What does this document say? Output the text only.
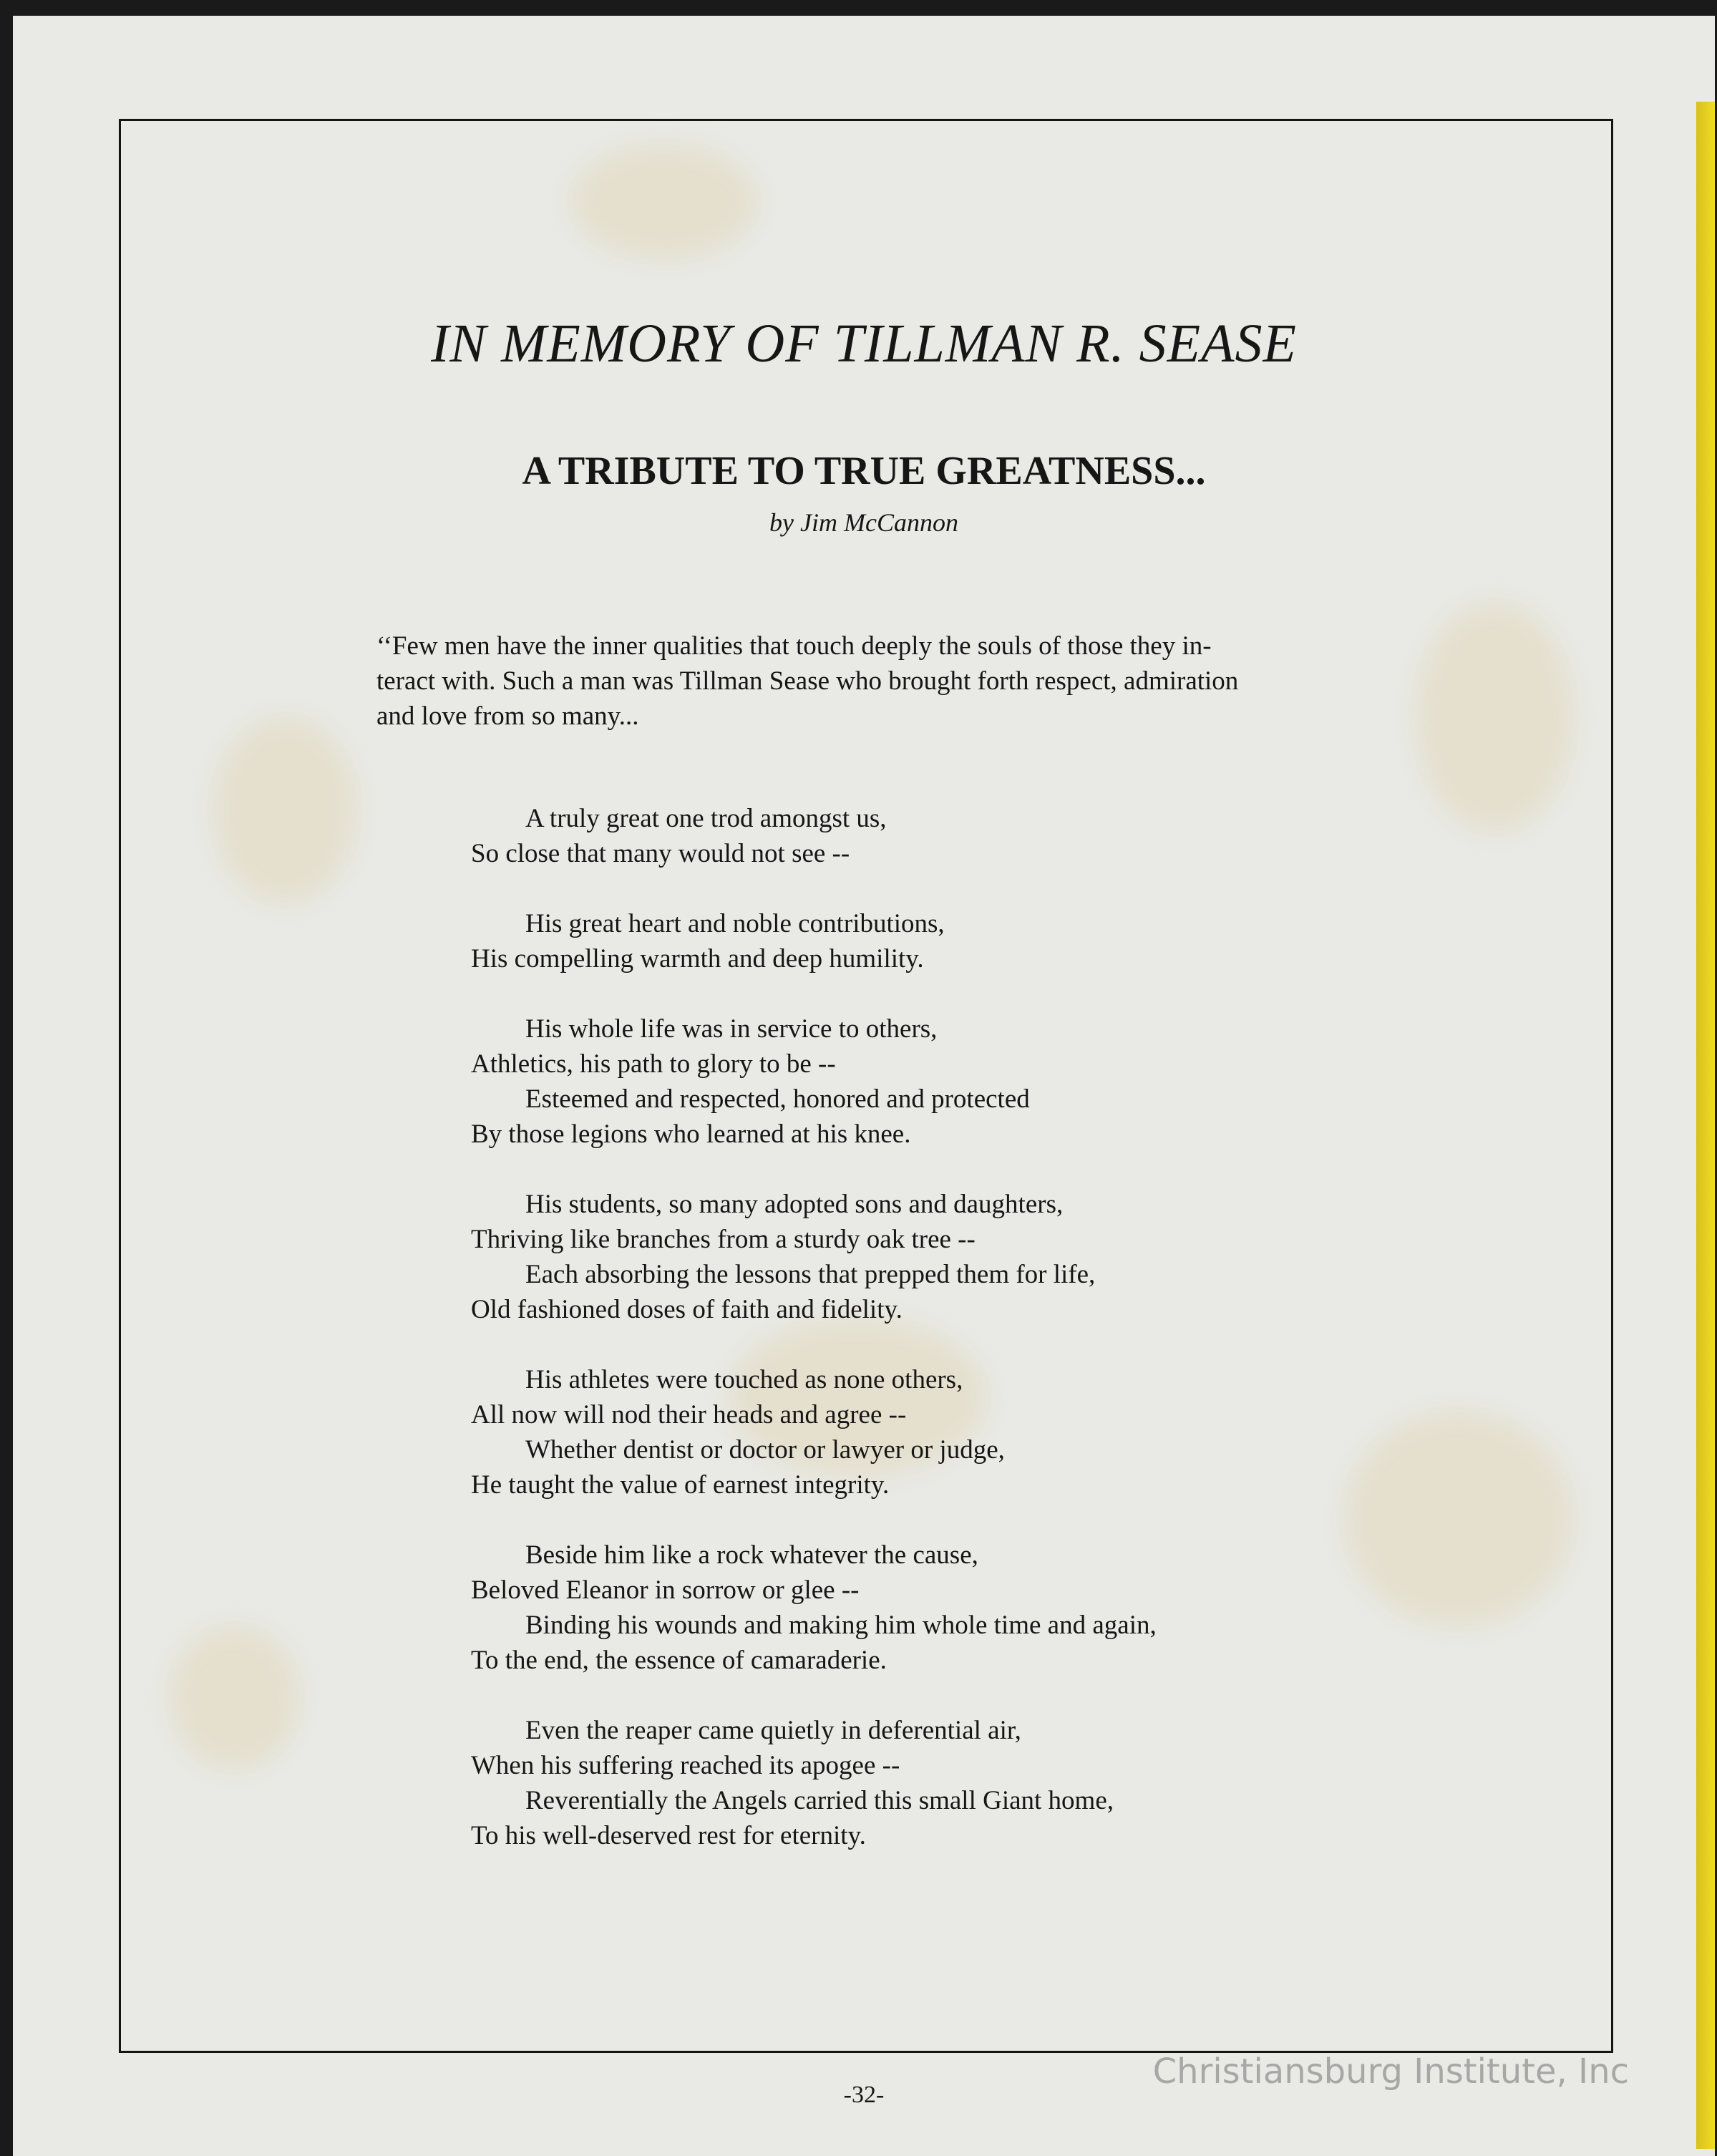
IN MEMORY OF TILLMAN R. SEASE
A TRIBUTE TO TRUE GREATNESS...
by Jim McCannon
‘‘Few men have the inner qualities that touch deeply the souls of those they in-
teract with. Such a man was Tillman Sease who brought forth respect, admiration
and love from so many...
A truly great one trod amongst us,
So close that many would not see --
His great heart and noble contributions,
His compelling warmth and deep humility.
His whole life was in service to others,
Athletics, his path to glory to be --
Esteemed and respected, honored and protected
By those legions who learned at his knee.
His students, so many adopted sons and daughters,
Thriving like branches from a sturdy oak tree --
Each absorbing the lessons that prepped them for life,
Old fashioned doses of faith and fidelity.
His athletes were touched as none others,
All now will nod their heads and agree --
Whether dentist or doctor or lawyer or judge,
He taught the value of earnest integrity.
Beside him like a rock whatever the cause,
Beloved Eleanor in sorrow or glee --
Binding his wounds and making him whole time and again,
To the end, the essence of camaraderie.
Even the reaper came quietly in deferential air,
When his suffering reached its apogee --
Reverentially the Angels carried this small Giant home,
To his well-deserved rest for eternity.
Christiansburg Institute, Inc
-32-
